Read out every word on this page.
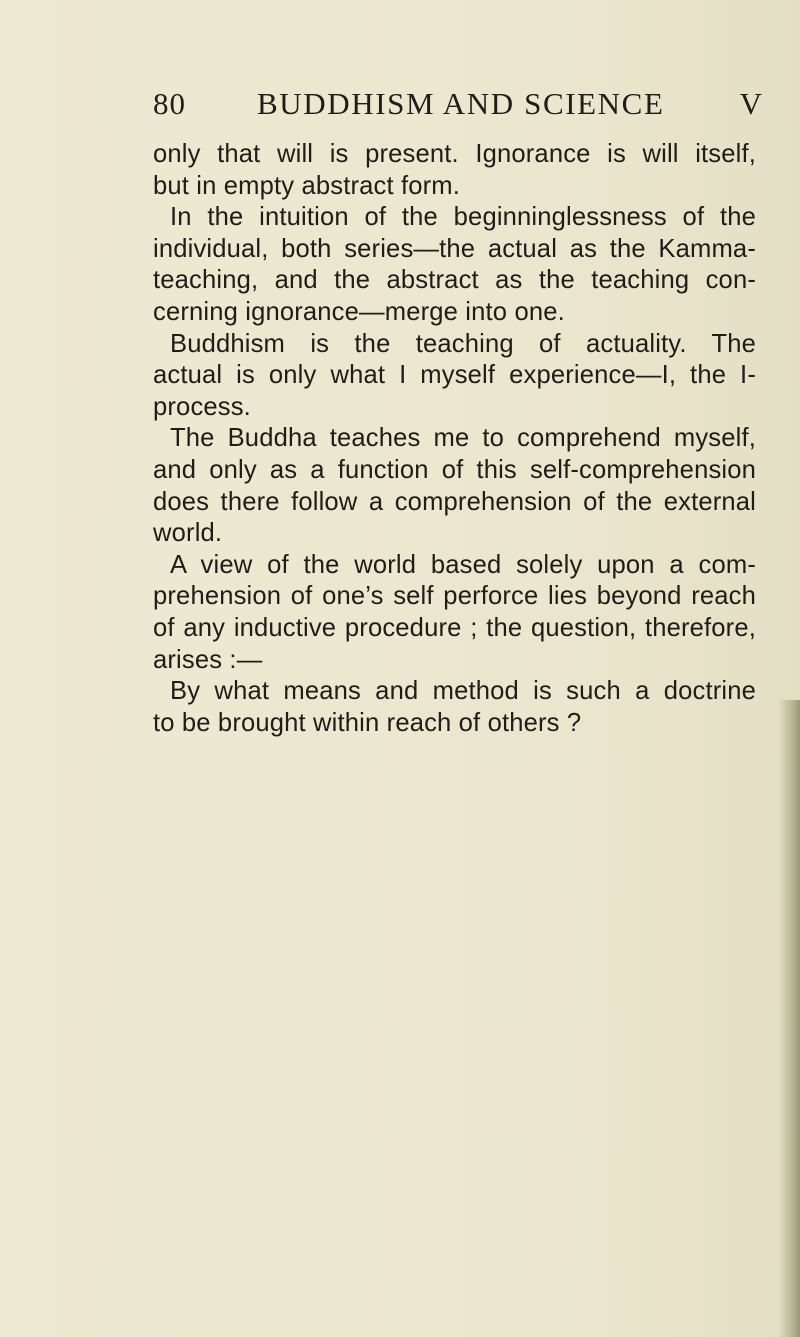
80 BUDDHISM AND SCIENCE V
only that will is present. Ignorance is will itself,
but in empty abstract form.
In the intuition of the beginninglessness of the
individual, both series—the actual as the Kamma-
teaching, and the abstract as the teaching con-
cerning ignorance—merge into one.
Buddhism is the teaching of actuality. The
actual is only what I myself experience—I, the I-
process.
The Buddha teaches me to comprehend myself,
and only as a function of this self-comprehension
does there follow a comprehension of the external
world.
A view of the world based solely upon a com-
prehension of one’s self perforce lies beyond reach
of any inductive procedure ; the question, therefore,
arises :—
By what means and method is such a doctrine
to be brought within reach of others ?
